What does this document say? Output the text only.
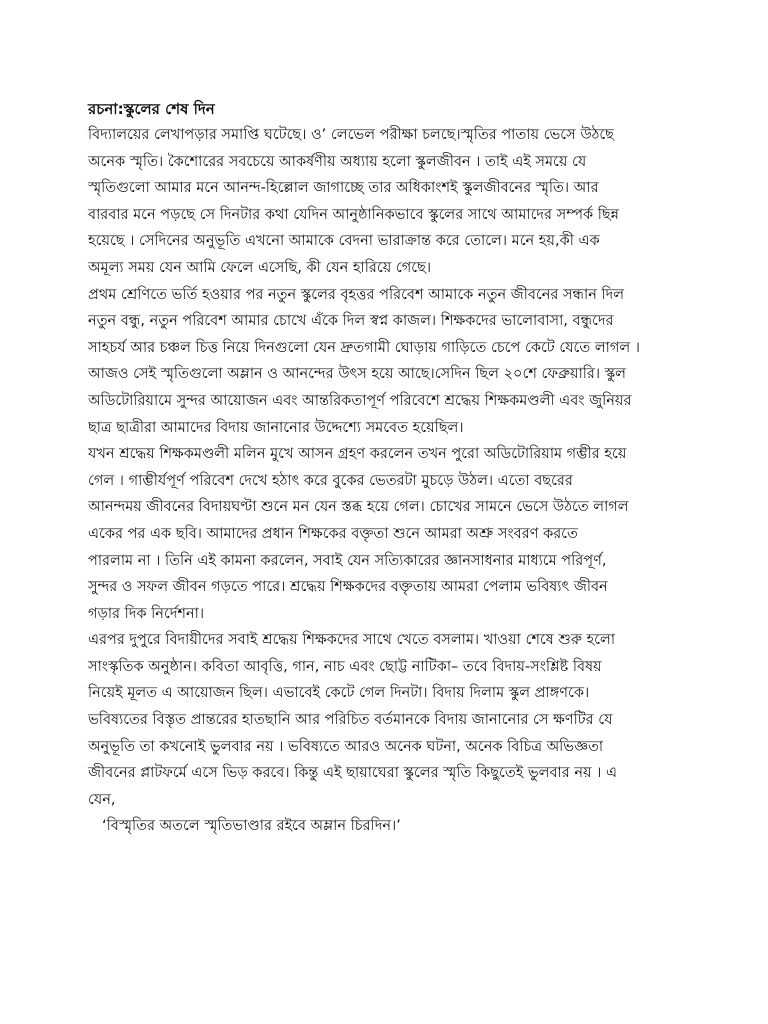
রচনা:স্কুলের শেষ দিন
বিদ্যালয়ের লেখাপড়ার সমাপ্তি ঘটেছে। ও’ লেভেল পরীক্ষা চলছে।স্মৃতির পাতায় ভেসে উঠছে
অনেক স্মৃতি। কৈশোরের সবচেয়ে আকর্ষণীয় অধ্যায় হলো স্কুলজীবন । তাই এই সময়ে যে
স্মৃতিগুলো আমার মনে আনন্দ-হিল্লোল জাগাচ্ছে তার অধিকাংশই স্কুলজীবনের স্মৃতি। আর
বারবার মনে পড়ছে সে দিনটার কথা যেদিন আনুষ্ঠানিকভাবে স্কুলের সাথে আমাদের সম্পর্ক ছিন্ন
হয়েছে । সেদিনের অনুভূতি এখনো আমাকে বেদনা ভারাক্রান্ত করে তোলে। মনে হয়,কী এক
অমূল্য সময় যেন আমি ফেলে এসেছি, কী যেন হারিয়ে গেছে।
প্রথম শ্রেণিতে ভর্তি হওয়ার পর নতুন স্কুলের বৃহত্তর পরিবেশ আমাকে নতুন জীবনের সন্ধান দিল
নতুন বন্ধু, নতুন পরিবেশ আমার চোখে এঁকে দিল স্বপ্ন কাজল। শিক্ষকদের ভালোবাসা, বন্ধুদের
সাহচর্য আর চঞ্চল চিত্ত নিয়ে দিনগুলো যেন দ্রুতগামী ঘোড়ায় গাড়িতে চেপে কেটে যেতে লাগল ।
আজও সেই স্মৃতিগুলো অম্লান ও আনন্দের উৎস হয়ে আছে।সেদিন ছিল ২০শে ফেব্রুয়ারি। স্কুল
অডিটোরিয়ামে সুন্দর আয়োজন এবং আন্তরিকতাপূর্ণ পরিবেশে শ্রদ্ধেয় শিক্ষকমণ্ডলী এবং জুনিয়র
ছাত্র ছাত্রীরা আমাদের বিদায় জানানোর উদ্দেশ্যে সমবেত হয়েছিল।
যখন শ্রদ্ধেয় শিক্ষকমণ্ডলী মলিন মুখে আসন গ্রহণ করলেন তখন পুরো অডিটোরিয়াম গম্ভীর হয়ে
গেল । গাম্ভীর্যপূর্ণ পরিবেশ দেখে হঠাৎ করে বুকের ভেতরটা মুচড়ে উঠল। এতো বছরের
আনন্দময় জীবনের বিদায়ঘণ্টা শুনে মন যেন স্তব্ধ হয়ে গেল। চোখের সামনে ভেসে উঠতে লাগল
একের পর এক ছবি। আমাদের প্রধান শিক্ষকের বক্তৃতা শুনে আমরা অশ্রু সংবরণ করতে
পারলাম না । তিনি এই কামনা করলেন, সবাই যেন সত্যিকারের জ্ঞানসাধনার মাধ্যমে পরিপূর্ণ,
সুন্দর ও সফল জীবন গড়তে পারে। শ্রদ্ধেয় শিক্ষকদের বক্তৃতায় আমরা পেলাম ভবিষ্যৎ জীবন
গড়ার দিক নির্দেশনা।
এরপর দুপুরে বিদায়ীদের সবাই শ্রদ্ধেয় শিক্ষকদের সাথে খেতে বসলাম। খাওয়া শেষে শুরু হলো
সাংস্কৃতিক অনুষ্ঠান। কবিতা আবৃত্তি, গান, নাচ এবং ছোট্ট নাটিকা– তবে বিদায়-সংশ্লিষ্ট বিষয়
নিয়েই মূলত এ আয়োজন ছিল। এভাবেই কেটে গেল দিনটা। বিদায় দিলাম স্কুল প্রাঙ্গণকে।
ভবিষ্যতের বিস্তৃত প্রান্তরের হাতছানি আর পরিচিত বর্তমানকে বিদায় জানানোর সে ক্ষণটির যে
অনুভূতি তা কখনোই ভুলবার নয় । ভবিষ্যতে আরও অনেক ঘটনা, অনেক বিচিত্র অভিজ্ঞতা
জীবনের প্লাটফর্মে এসে ভিড় করবে। কিন্তু এই ছায়াঘেরা স্কুলের স্মৃতি কিছুতেই ভুলবার নয় । এ
যেন,
‘বিস্মৃতির অতলে স্মৃতিভাণ্ডার রইবে অম্লান চিরদিন।’
